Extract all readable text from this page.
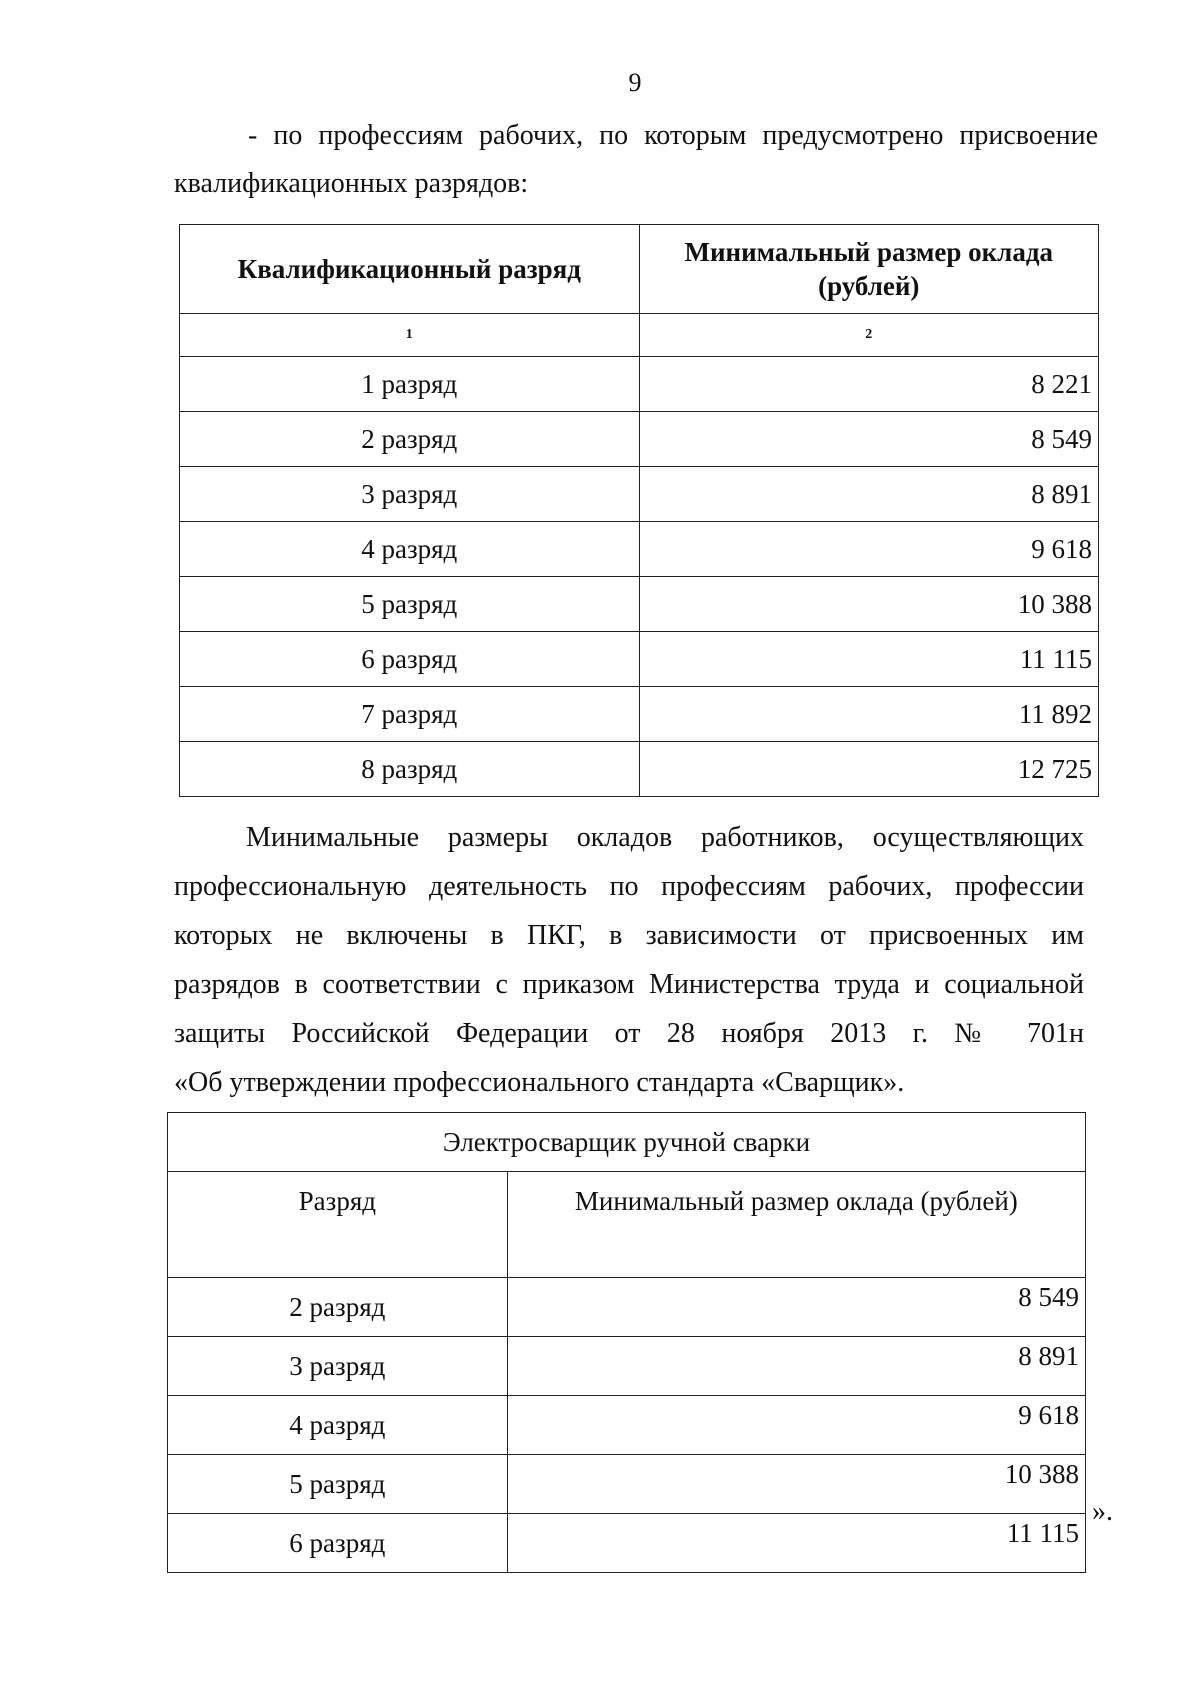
9
- по профессиям рабочих, по которым предусмотрено присвоение
квалификационных разрядов:
Квалификационный разряд	Минимальный размер оклада (рублей)
1	2
1 разряд	8 221
2 разряд	8 549
3 разряд	8 891
4 разряд	9 618
5 разряд	10 388
6 разряд	11 115
7 разряд	11 892
8 разряд	12 725
Минимальные размеры окладов работников, осуществляющих
профессиональную деятельность по профессиям рабочих, профессии
которых не включены в ПКГ, в зависимости от присвоенных им
разрядов в соответствии с приказом Министерства труда и социальной
защиты Российской Федерации от 28 ноября 2013 г. № 701н
«Об утверждении профессионального стандарта «Сварщик».
Электросварщик ручной сварки	
Разряд	Минимальный размер оклада (рублей)
2 разряд	8 549
3 разряд	8 891
4 разряд	9 618
5 разряд	10 388
6 разряд	11 115
».
